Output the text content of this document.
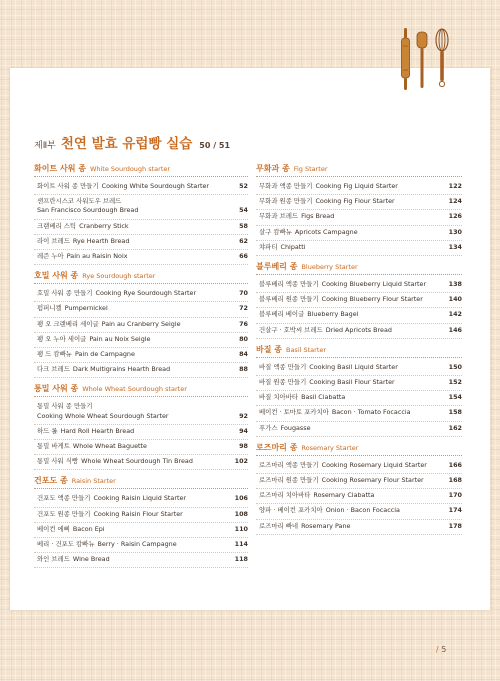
제Ⅱ부 천연 발효 유럽빵 실습 50 / 51
화이트 사워 종 White Sourdough starter
화이트 사워 종 만들기 Cooking White Sourdough Starter	52
샌프란시스코 사워도우 브레드
San Francisco Sourdough Bread	54
크랜베리 스틱 Cranberry Stick	58
라이 브레드 Rye Hearth Bread	62
레즌 누아 Pain au Raisin Noix	66
호밀 사워 종 Rye Sourdough starter
호밀 사워 종 만들기 Cooking Rye Sourdough Starter	70
펌퍼니켈 Pumpernickel	72
팽 오 크랜베리 세이글 Pain au Cranberry Seigle	76
팽 오 누아 세이글 Pain au Noix Seigle	80
팽 드 캄빠뉴 Pain de Campagne	84
다크 브레드 Dark Multigrains Hearth Bread	88
통밀 사워 종 Whole Wheat Sourdough starter
통밀 사워 종 만들기
Cooking Whole Wheat Sourdough Starter	92
하드 롤 Hard Roll Hearth Bread	94
통밀 바게트 Whole Wheat Baguette	98
통밀 사워 식빵 Whole Wheat Sourdough Tin Bread	102
건포도 종 Raisin Starter
건포도 액종 만들기 Cooking Raisin Liquid Starter	106
건포도 원종 만들기 Cooking Raisin Flour Starter	108
베이컨 에삐 Bacon Epi	110
베리 · 건포도 캄빠뉴 Berry · Raisin Campagne	114
와인 브레드 Wine Bread	118
무화과 종 Fig Starter
무화과 액종 만들기 Cooking Fig Liquid Starter	122
무화과 원종 만들기 Cooking Fig Flour Starter	124
무화과 브레드 Figs Bread	126
살구 캄빠뉴 Apricots Campagne	130
챠파티 Chipatti	134
블루베리 종 Blueberry Starter
블루베리 액종 만들기 Cooking Blueberry Liquid Starter	138
블루베리 원종 만들기 Cooking Blueberry Flour Starter	140
블루베리 베이글 Blueberry Bagel	142
건살구 · 호박씨 브레드 Dried Apricots Bread	146
바질 종 Basil Starter
바질 액종 만들기 Cooking Basil Liquid Starter	150
바질 원종 만들기 Cooking Basil Flour Starter	152
바질 치아바타 Basil Ciabatta	154
베이컨 · 토마토 포카치아 Bacon · Tomato Focaccia	158
푸가스 Fougasse	162
로즈마리 종 Rosemary Starter
로즈마리 액종 만들기 Cooking Rosemary Liquid Starter	166
로즈마리 원종 만들기 Cooking Rosemary Flour Starter	168
로즈마리 치아바타 Rosemary Ciabatta	170
양파 · 베이컨 포카치아 Onion · Bacon Focaccia	174
로즈마리 빠네 Rosemary Pane	178
/ 5
